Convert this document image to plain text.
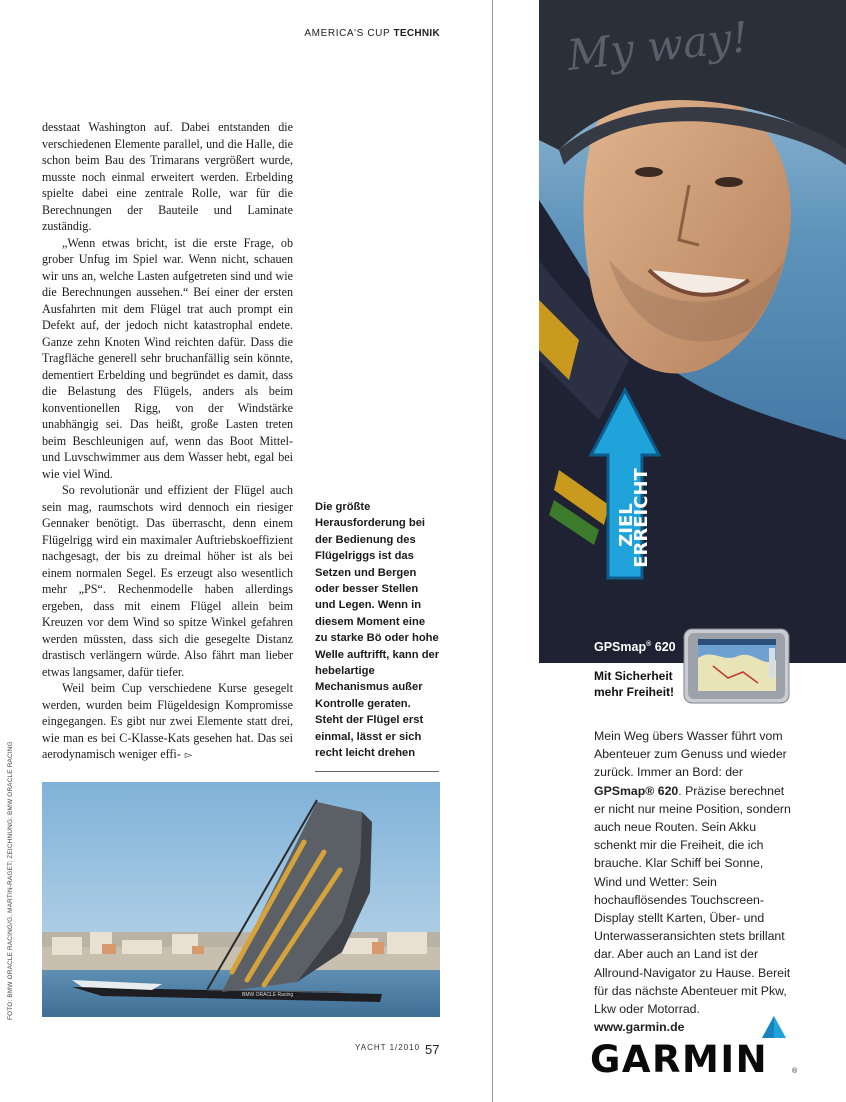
AMERICA'S CUP TECHNIK

desstaat Washington auf. Dabei entstanden die verschiedenen Elemente parallel, und die Halle, die schon beim Bau des Trimarans vergrößert wurde, musste noch einmal erweitert werden. Erbelding spielte dabei eine zentrale Rolle, war für die Berechnungen der Bauteile und Laminate zuständig.

„Wenn etwas bricht, ist die erste Frage, ob grober Unfug im Spiel war. Wenn nicht, schauen wir uns an, welche Lasten aufgetreten sind und wie die Berechnungen aussehen.“ Bei einer der ersten Ausfahrten mit dem Flügel trat auch prompt ein Defekt auf, der jedoch nicht katastrophal endete. Ganze zehn Knoten Wind reichten dafür. Dass die Tragfläche generell sehr bruchanfällig sein könnte, dementiert Erbelding und begründet es damit, dass die Belastung des Flügels, anders als beim konventionellen Rigg, von der Windstärke unabhängig sei. Das heißt, große Lasten treten beim Beschleunigen auf, wenn das Boot Mittel- und Luvschwimmer aus dem Wasser hebt, egal bei wie viel Wind.

So revolutionär und effizient der Flügel auch sein mag, raumschots wird dennoch ein riesiger Gennaker benötigt. Das überrascht, denn einem Flügelrigg wird ein maximaler Auftriebskoeffizient nachgesagt, der bis zu dreimal höher ist als bei einem normalen Segel. Es erzeugt also wesentlich mehr „PS“. Rechenmodelle haben allerdings ergeben, dass mit einem Flügel allein beim Kreuzen vor dem Wind so spitze Winkel gefahren werden müssten, dass sich die gesegelte Distanz drastisch verlängern würde. Also fährt man lieber etwas langsamer, dafür tiefer.

Weil beim Cup verschiedene Kurse gesegelt werden, wurden beim Flügeldesign Kompromisse eingegangen. Es gibt nur zwei Elemente statt drei, wie man es bei C-Klasse-Kats gesehen hat. Das sei aerodynamisch weniger effi- ▻

Die größte Herausforderung bei der Bedienung des Flügelriggs ist das Setzen und Bergen oder besser Stellen und Legen. Wenn in diesem Moment eine zu starke Bö oder hohe Welle auftrifft, kann der hebelartige Mechanismus außer Kontrolle geraten. Steht der Flügel erst einmal, lässt er sich recht leicht drehen
FOTO: BMW ORACLE RACING/G. MARTIN-RAGET; ZEICHNUNG: BMW ORACLE RACING	BMW ORACLE Racing
YACHT 1/2010 57
My way!
ZIEL
ERREICHT
GPSmap® 620
Mit Sicherheit mehr Freiheit!
Mein Weg übers Wasser führt vom Abenteuer zum Genuss und wieder zurück. Immer an Bord: der GPSmap® 620. Präzise berechnet er nicht nur meine Position, sondern auch neue Routen. Sein Akku schenkt mir die Freiheit, die ich brauche. Klar Schiff bei Sonne, Wind und Wetter: Sein hochauflösendes Touchscreen-Display stellt Karten, Über- und Unterwasseransichten stets brillant dar. Aber auch an Land ist der Allround-Navigator zu Hause. Bereit für das nächste Abenteuer mit Pkw, Lkw oder Motorrad.
www.garmin.de
GARMIN	®
